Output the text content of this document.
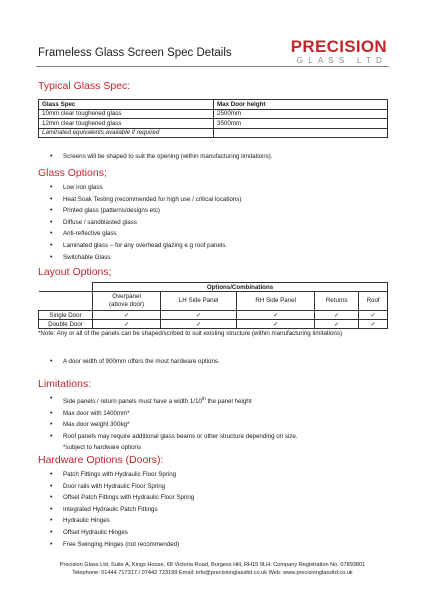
Frameless Glass Screen Spec Details	PRECISION
GLASS LTD
Typical Glass Spec:
Glass Spec	Max Door height
10mm clear toughened glass	2500mm
12mm clear toughened glass	3500mm
Laminated equivalents available if required	
• Screens will be shaped to suit the opening (within manufacturing limitations).
Glass Options;
• Low iron glass
• Heat Soak Testing (recommended for high use / critical locations)
• Printed glass (patterns/designs etc)
• Diffuse / sandblasted glass
• Anti-reflective glass
• Laminated glass – for any overhead glazing e.g roof panels.
• Switchable Glass
Layout Options;
	Options/Combinations				
	Overpanel
(above door)	LH Side Panel	RH Side Panel	Returns	Roof
Single Door	✓	✓	✓	✓	✓
Double Door	✓	✓	✓	✓	✓
*Note: Any or all of the panels can be shaped/scribed to suit existing structure (within manufacturing limitations)
• A door width of 900mm offers the most hardware options.
Limitations:
• Side panels / return panels must have a width 1/10th the panel height
• Max door with 1400mm*
• Max door weight 300kg*
• Roof panels may require additional glass beams or other structure depending on size.
*subject to hardware options
Hardware Options (Doors):
• Patch Fittings with Hydraulic Floor Spring
• Door rails with Hydraulic Floor Spring
• Offset Patch Fittings with Hydraulic Floor Spring
• Integrated Hydraulic Patch Fittings
• Hydraulic Hinges
• Offset Hydraulic Hinges
• Free Swinging Hinges (not recommended)
Precision Glass Ltd, Suite A, Kings House, 68 Victoria Road, Burgess Hill, RH15 9LH: Company Registration No. 07893801
Telephone: 01444 717317 / 07442 723199 Email: info@precisionglassltd.co.uk Web: www.precisionglassltd.co.uk
